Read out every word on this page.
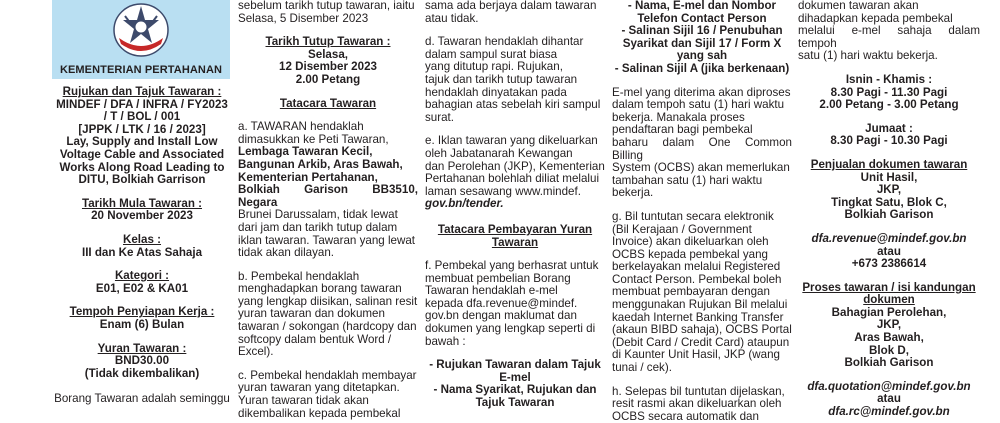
KEMENTERIAN PERTAHANAN

Rujukan dan Tajuk Tawaran :

MINDEF / DFA / INFRA / FY2023

/ T / BOL / 001

[JPPK / LTK / 16 / 2023]

Lay, Supply and Install Low

Voltage Cable and Associated

Works Along Road Leading to

DITU, Bolkiah Garrison

Tarikh Mula Tawaran :

20 November 2023

Kelas :

III dan Ke Atas Sahaja

Kategori :

E01, E02 & KA01

Tempoh Penyiapan Kerja :

Enam (6) Bulan

Yuran Tawaran :

BND30.00

(Tidak dikembalikan)

Borang Tawaran adalah seminggu

sebelum tarikh tutup tawaran, iaitu

Selasa, 5 Disember 2023

Tarikh Tutup Tawaran :

Selasa,

12 Disember 2023

2.00 Petang

Tatacara Tawaran

a. TAWARAN hendaklah

dimasukkan ke Peti Tawaran,

Lembaga Tawaran Kecil,

Bangunan Arkib, Aras Bawah,

Kementerian Pertahanan,

Bolkiah Garison BB3510, Negara

Brunei Darussalam, tidak lewat

dari jam dan tarikh tutup dalam

iklan tawaran. Tawaran yang lewat

tidak akan dilayan.

b. Pembekal hendaklah

menghadapkan borang tawaran

yang lengkap diisikan, salinan resit

yuran tawaran dan dokumen

tawaran / sokongan (hardcopy dan

softcopy dalam bentuk Word /

Excel).

c. Pembekal hendaklah membayar

yuran tawaran yang ditetapkan.

Yuran tawaran tidak akan

dikembalikan kepada pembekal

sama ada berjaya dalam tawaran

atau tidak.

d. Tawaran hendaklah dihantar

dalam sampul surat biasa

yang ditutup rapi. Rujukan,

tajuk dan tarikh tutup tawaran

hendaklah dinyatakan pada

bahagian atas sebelah kiri sampul

surat.

e. Iklan tawaran yang dikeluarkan

oleh Jabatanarah Kewangan

dan Perolehan (JKP), Kementerian

Pertahanan bolehlah diliat melalui

laman sesawang www.mindef.

gov.bn/tender.

Tatacara Pembayaran Yuran

Tawaran

f. Pembekal yang berhasrat untuk

membuat pembelian Borang

Tawaran hendaklah e-mel

kepada dfa.revenue@mindef.

gov.bn dengan maklumat dan

dokumen yang lengkap seperti di

bawah :

- Rujukan Tawaran dalam Tajuk

E-mel

- Nama Syarikat, Rujukan dan

Tajuk Tawaran

- Nama, E-mel dan Nombor

Telefon Contact Person

- Salinan Sijil 16 / Penubuhan

Syarikat dan Sijil 17 / Form X

yang sah

- Salinan Sijil A (jika berkenaan)

E-mel yang diterima akan diproses

dalam tempoh satu (1) hari waktu

bekerja. Manakala proses

pendaftaran bagi pembekal

baharu dalam One Common Billing

System (OCBS) akan memerlukan

tambahan satu (1) hari waktu

bekerja.

g. Bil tuntutan secara elektronik

(Bil Kerajaan / Government

Invoice) akan dikeluarkan oleh

OCBS kepada pembekal yang

berkelayakan melalui Registered

Contact Person. Pembekal boleh

membuat pembayaran dengan

menggunakan Rujukan Bil melalui

kaedah Internet Banking Transfer

(akaun BIBD sahaja), OCBS Portal

(Debit Card / Credit Card) ataupun

di Kaunter Unit Hasil, JKP (wang

tunai / cek).

h. Selepas bil tuntutan dijelaskan,

resit rasmi akan dikeluarkan oleh

OCBS secara automatik dan

dokumen tawaran akan

dihadapkan kepada pembekal

melalui e-mel sahaja dalam tempoh

satu (1) hari waktu bekerja.

Isnin - Khamis :

8.30 Pagi - 11.30 Pagi

2.00 Petang - 3.00 Petang

Jumaat :

8.30 Pagi - 10.30 Pagi

Penjualan dokumen tawaran

Unit Hasil,

JKP,

Tingkat Satu, Blok C,

Bolkiah Garison

dfa.revenue@mindef.gov.bn

atau

+673 2386614

Proses tawaran / isi kandungan

dokumen

Bahagian Perolehan,

JKP,

Aras Bawah,

Blok D,

Bolkiah Garison

dfa.quotation@mindef.gov.bn

atau

dfa.rc@mindef.gov.bn
